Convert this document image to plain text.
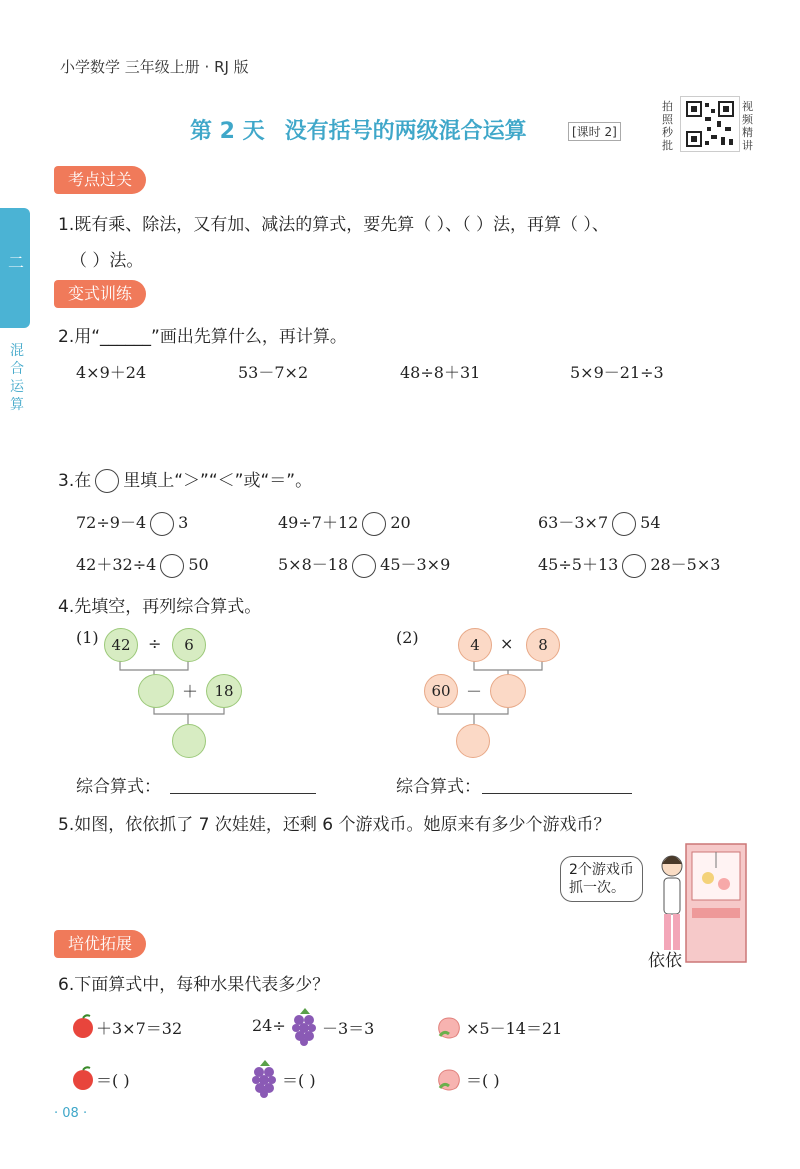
小学数学 三年级上册 · RJ 版
第 2 天 没有括号的两级混合运算	[课时 2]
拍照秒批
视频精讲
二
混合运算
考点过关
1.既有乘、除法，又有加、减法的算式，要先算（ ）、（ ）法，再算（ ）、
（ ）法。
变式训练
2.用“______”画出先算什么，再计算。
4×9＋24	53－7×2	48÷8＋31	5×9－21÷3
3.在 里填上“＞”“＜”或“＝”。
72÷9－4 3	49÷7＋12 20	63－3×7 54
42＋32÷4 50	5×8－18 45－3×9	45÷5＋13 28－5×3
4.先填空，再列综合算式。
(1) 42	÷	6
＋	18
(2)	4	×	8
60 －
综合算式：	综合算式：
5.如图，依依抓了 7 次娃娃，还剩 6 个游戏币。她原来有多少个游戏币？
2个游戏币
抓一次。
依依
培优拓展
6.下面算式中，每种水果代表多少？
＋3×7＝32	24÷ －3＝3	×5－14＝21
＝( )	＝( )	＝( )
· 08 ·
